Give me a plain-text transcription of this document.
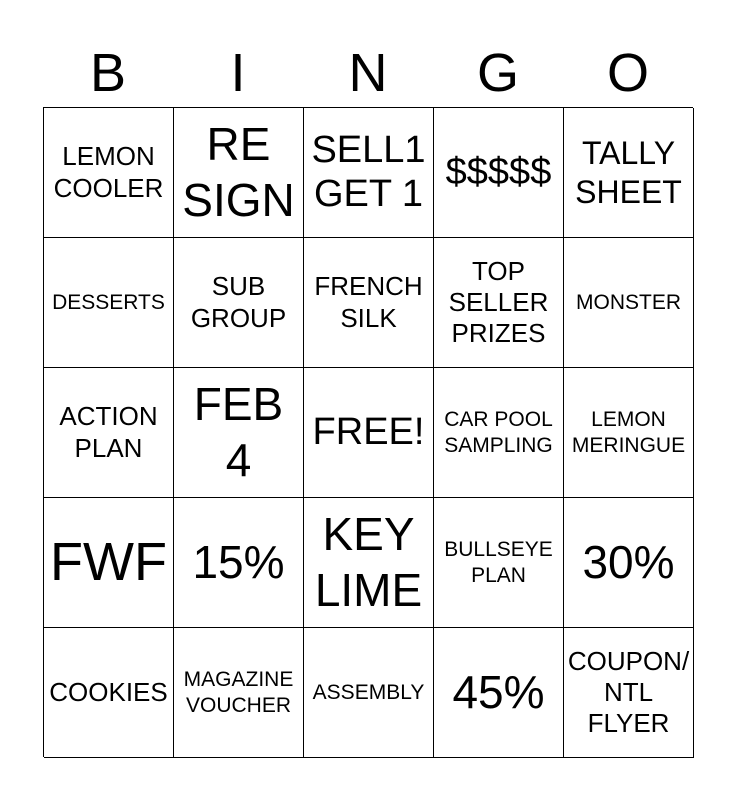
B	I	N	G	O
LEMON
COOLER
RE
SIGN
SELL1
GET 1
$$$$$ TALLY
SHEET
DESSERTS
SUB
GROUP
FRENCH
SILK
TOP
SELLER
PRIZES
MONSTER
ACTION
PLAN
FEB
4
FREE! CAR POOL
SAMPLING
LEMON
MERINGUE
FWF 15%
KEY
LIME
BULLSEYE
PLAN	30%
COOKIES MAGAZINE
VOUCHER
ASSEMBLY 45%
COUPON/
NTL
FLYER
